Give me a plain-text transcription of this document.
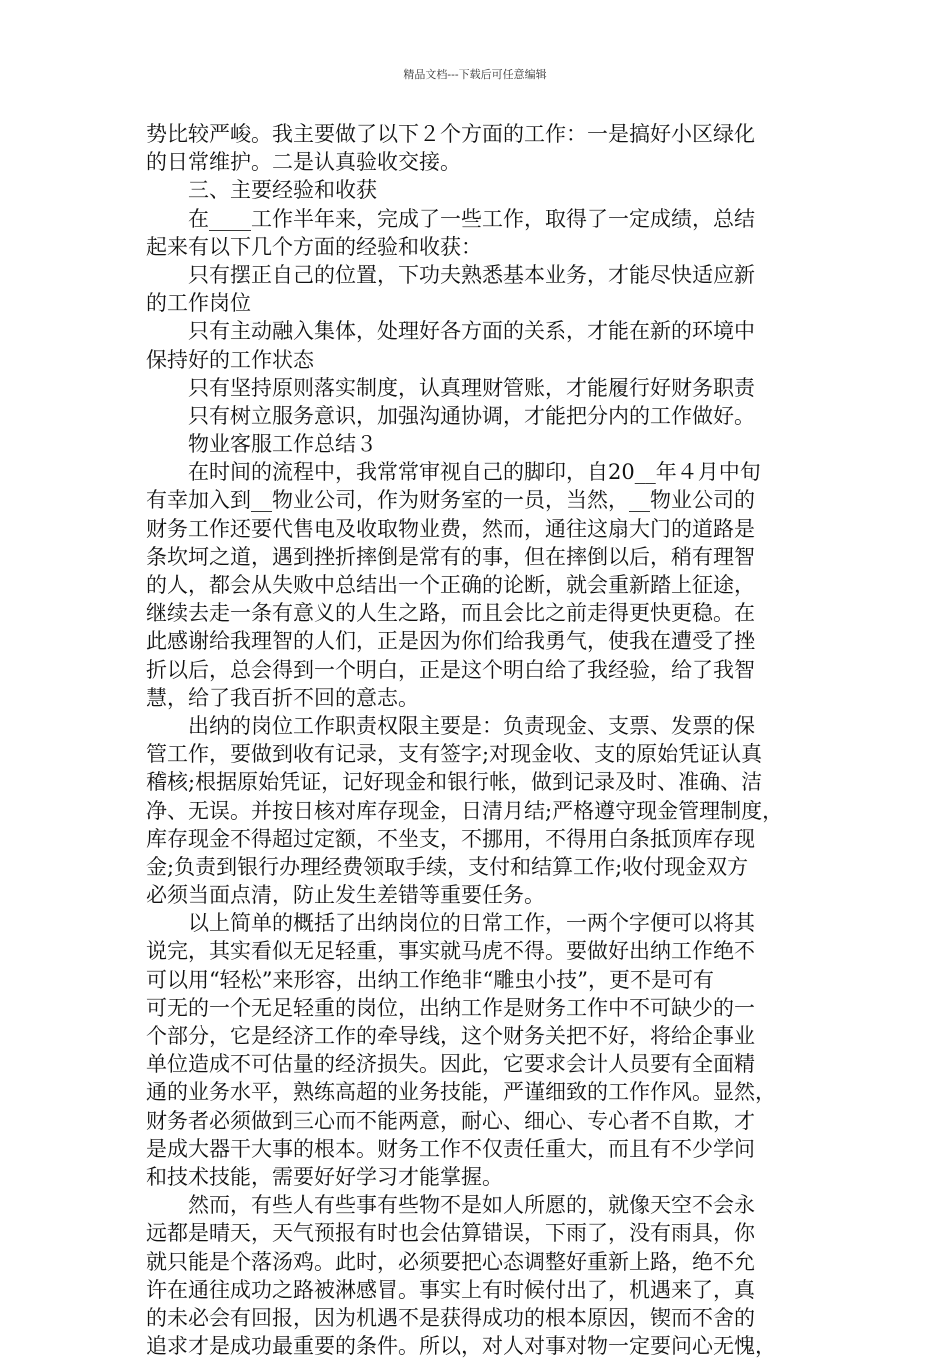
精品文档---下载后可任意编辑
势比较严峻。我主要做了以下２个方面的工作：一是搞好小区绿化
的日常维护。二是认真验收交接。
　　三、主要经验和收获
　　在____工作半年来，完成了一些工作，取得了一定成绩，总结
起来有以下几个方面的经验和收获：
　　只有摆正自己的位置，下功夫熟悉基本业务，才能尽快适应新
的工作岗位
　　只有主动融入集体，处理好各方面的关系，才能在新的环境中
保持好的工作状态
　　只有坚持原则落实制度，认真理财管账，才能履行好财务职责
　　只有树立服务意识，加强沟通协调，才能把分内的工作做好。
　　物业客服工作总结３
　　在时间的流程中，我常常审视自己的脚印，自20__年４月中旬
有幸加入到__物业公司，作为财务室的一员，当然，__物业公司的
财务工作还要代售电及收取物业费，然而，通往这扇大门的道路是
条坎坷之道，遇到挫折摔倒是常有的事，但在摔倒以后，稍有理智
的人，都会从失败中总结出一个正确的论断，就会重新踏上征途，
继续去走一条有意义的人生之路，而且会比之前走得更快更稳。在
此感谢给我理智的人们，正是因为你们给我勇气，使我在遭受了挫
折以后，总会得到一个明白，正是这个明白给了我经验，给了我智
慧，给了我百折不回的意志。
　　出纳的岗位工作职责权限主要是：负责现金、支票、发票的保
管工作，要做到收有记录，支有签字;对现金收、支的原始凭证认真
稽核;根据原始凭证，记好现金和银行帐，做到记录及时、准确、洁
净、无误。并按日核对库存现金，日清月结;严格遵守现金管理制度，
库存现金不得超过定额，不坐支，不挪用，不得用白条抵顶库存现
金;负责到银行办理经费领取手续，支付和结算工作;收付现金双方
必须当面点清，防止发生差错等重要任务。
　　以上简单的概括了出纳岗位的日常工作，一两个字便可以将其
说完，其实看似无足轻重，事实就马虎不得。要做好出纳工作绝不
可以用“轻松”来形容，出纳工作绝非“雕虫小技”，更不是可有
可无的一个无足轻重的岗位，出纳工作是财务工作中不可缺少的一
个部分，它是经济工作的牵导线，这个财务关把不好，将给企事业
单位造成不可估量的经济损失。因此，它要求会计人员要有全面精
通的业务水平，熟练高超的业务技能，严谨细致的工作作风。显然，
财务者必须做到三心而不能两意，耐心、细心、专心者不自欺，才
是成大器干大事的根本。财务工作不仅责任重大，而且有不少学问
和技术技能，需要好好学习才能掌握。
　　然而，有些人有些事有些物不是如人所愿的，就像天空不会永
远都是晴天，天气预报有时也会估算错误，下雨了，没有雨具，你
就只能是个落汤鸡。此时，必须要把心态调整好重新上路，绝不允
许在通往成功之路被淋感冒。事实上有时候付出了，机遇来了，真
的未必会有回报，因为机遇不是获得成功的根本原因，锲而不舍的
追求才是成功最重要的条件。所以，对人对事对物一定要问心无愧，
